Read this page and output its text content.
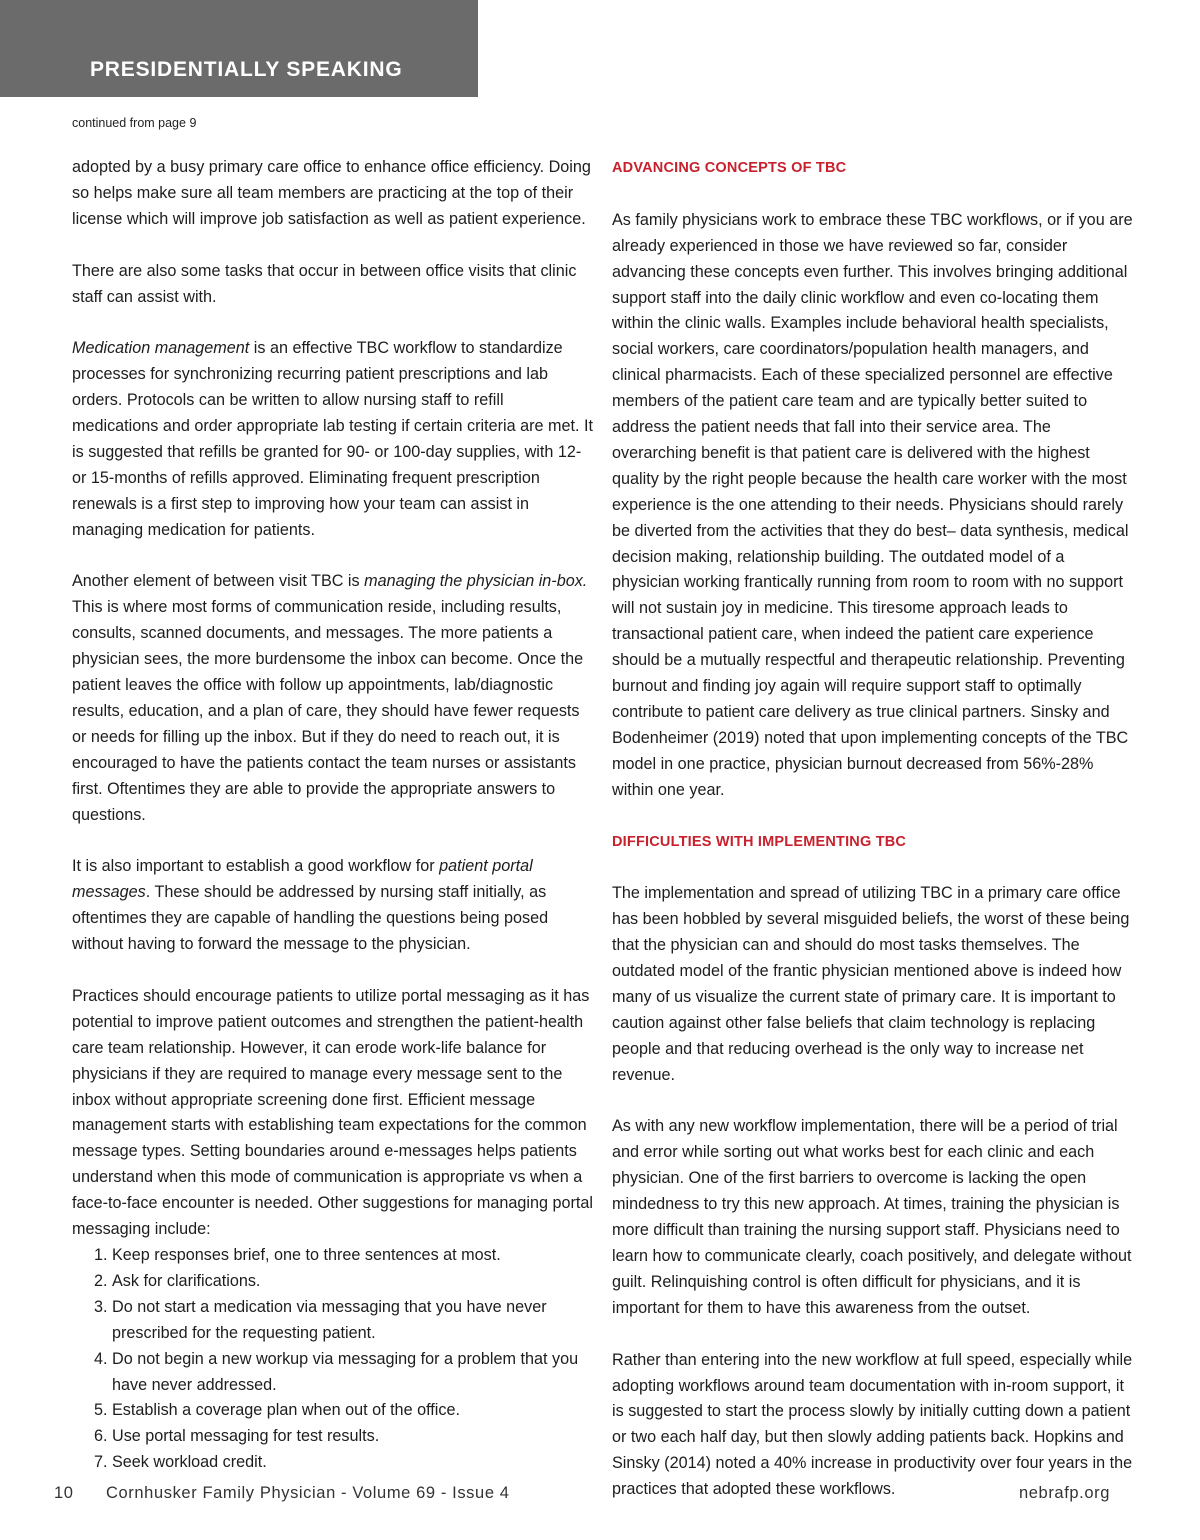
PRESIDENTIALLY SPEAKING
continued from page 9

adopted by a busy primary care office to enhance office efficiency. Doing so helps make sure all team members are practicing at the top of their license which will improve job satisfaction as well as patient experience.

There are also some tasks that occur in between office visits that clinic staff can assist with.

Medication management is an effective TBC workflow to standardize processes for synchronizing recurring patient prescriptions and lab orders. Protocols can be written to allow nursing staff to refill medications and order appropriate lab testing if certain criteria are met. It is suggested that refills be granted for 90- or 100-day supplies, with 12- or 15-months of refills approved. Eliminating frequent prescription renewals is a first step to improving how your team can assist in managing medication for patients.

Another element of between visit TBC is managing the physician in-box. This is where most forms of communication reside, including results, consults, scanned documents, and messages. The more patients a physician sees, the more burdensome the inbox can become. Once the patient leaves the office with follow up appointments, lab/diagnostic results, education, and a plan of care, they should have fewer requests or needs for filling up the inbox. But if they do need to reach out, it is encouraged to have the patients contact the team nurses or assistants first. Oftentimes they are able to provide the appropriate answers to questions.

It is also important to establish a good workflow for patient portal messages. These should be addressed by nursing staff initially, as oftentimes they are capable of handling the questions being posed without having to forward the message to the physician.

Practices should encourage patients to utilize portal messaging as it has potential to improve patient outcomes and strengthen the patient-health care team relationship. However, it can erode work-life balance for physicians if they are required to manage every message sent to the inbox without appropriate screening done first. Efficient message management starts with establishing team expectations for the common message types. Setting boundaries around e-messages helps patients understand when this mode of communication is appropriate vs when a face-to-face encounter is needed. Other suggestions for managing portal messaging include:

1. Keep responses brief, one to three sentences at most.
2. Ask for clarifications.
3. Do not start a medication via messaging that you have never prescribed for the requesting patient.
4. Do not begin a new workup via messaging for a problem that you have never addressed.
5. Establish a coverage plan when out of the office.
6. Use portal messaging for test results.
7. Seek workload credit.
ADVANCING CONCEPTS OF TBC

As family physicians work to embrace these TBC workflows, or if you are already experienced in those we have reviewed so far, consider advancing these concepts even further. This involves bringing additional support staff into the daily clinic workflow and even co-locating them within the clinic walls. Examples include behavioral health specialists, social workers, care coordinators/population health managers, and clinical pharmacists. Each of these specialized personnel are effective members of the patient care team and are typically better suited to address the patient needs that fall into their service area. The overarching benefit is that patient care is delivered with the highest quality by the right people because the health care worker with the most experience is the one attending to their needs. Physicians should rarely be diverted from the activities that they do best– data synthesis, medical decision making, relationship building. The outdated model of a physician working frantically running from room to room with no support will not sustain joy in medicine. This tiresome approach leads to transactional patient care, when indeed the patient care experience should be a mutually respectful and therapeutic relationship. Preventing burnout and finding joy again will require support staff to optimally contribute to patient care delivery as true clinical partners. Sinsky and Bodenheimer (2019) noted that upon implementing concepts of the TBC model in one practice, physician burnout decreased from 56%-28% within one year.

DIFFICULTIES WITH IMPLEMENTING TBC

The implementation and spread of utilizing TBC in a primary care office has been hobbled by several misguided beliefs, the worst of these being that the physician can and should do most tasks themselves. The outdated model of the frantic physician mentioned above is indeed how many of us visualize the current state of primary care. It is important to caution against other false beliefs that claim technology is replacing people and that reducing overhead is the only way to increase net revenue.

As with any new workflow implementation, there will be a period of trial and error while sorting out what works best for each clinic and each physician. One of the first barriers to overcome is lacking the open mindedness to try this new approach. At times, training the physician is more difficult than training the nursing support staff. Physicians need to learn how to communicate clearly, coach positively, and delegate without guilt. Relinquishing control is often difficult for physicians, and it is important for them to have this awareness from the outset.

Rather than entering into the new workflow at full speed, especially while adopting workflows around team documentation with in-room support, it is suggested to start the process slowly by initially cutting down a patient or two each half day, but then slowly adding patients back. Hopkins and Sinsky (2014) noted a 40% increase in productivity over four years in the practices that adopted these workflows.

10 Cornhusker Family Physician - Volume 69 - Issue 4	nebrafp.org
